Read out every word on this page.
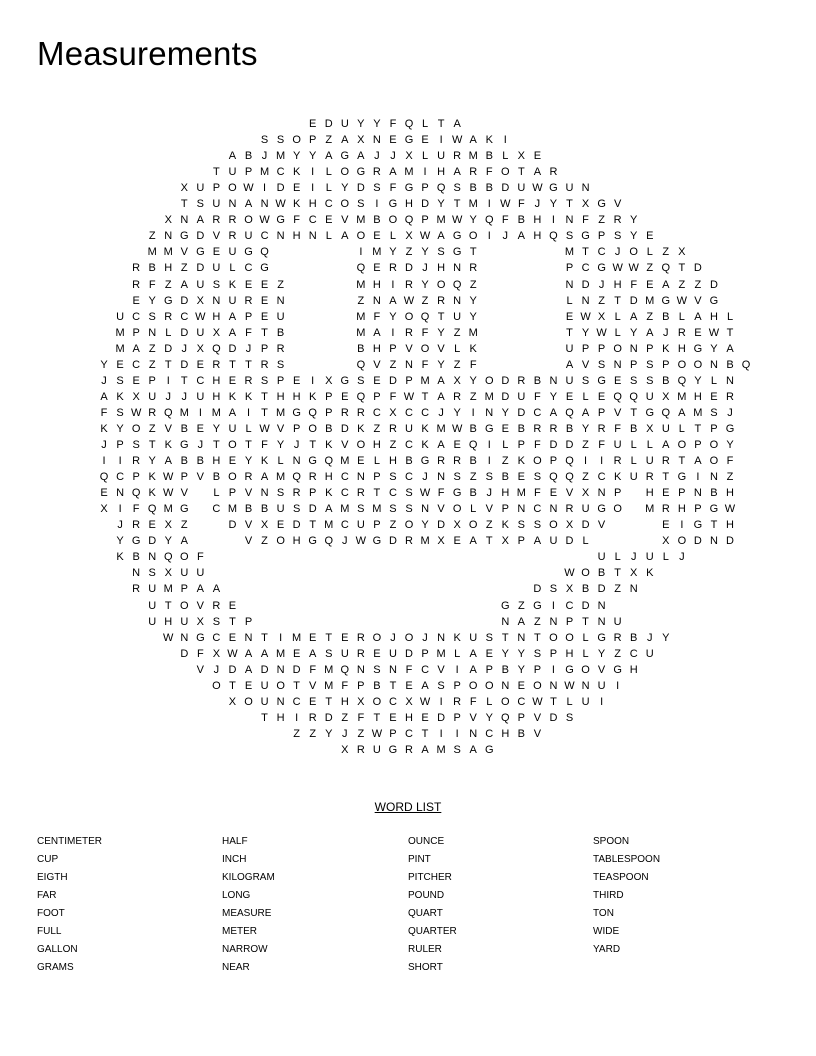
Measurements
E D U Y Y F Q L T A
S S O P Z A X N E G E I W A K I
A B J M Y Y A G A J J X L U R M B L X E
T U P M C K I	L O G R A M I H A R F O T A R
X U P O W I D E I	L Y D S F G P Q S B B D U W G U N
T S U N A N W K H C O S I G H D Y T M I W F J Y T X G V
X N A R R O W G F C E V M B O Q P M W Y Q F B H I N F Z R Y
Z N G D V R U C N H N L A O E L X W A G O I	J A H Q S G P S Y E
M M V G E U G Q	I M Y Z Y S G T	M T C J O L Z X
R B H Z D U L C G	Q E R D J H N R	P C G W W Z Q T D
R F Z A U S K E E Z	M H I R Y O Q Z	N D J H F E A Z Z D
E Y G D X N U R E N	Z N A W Z R N Y	L N Z T D M G W V G
U C S R C W H A P E U	M F Y O Q T U Y	E W X L A Z B L A H L
M P N L D U X A F T B	M A I R F Y Z M	T Y W L Y A J R E W T
M A Z D J X Q D J P R	B H P V O V L K	U P P O N P K H G Y A
Y E C Z T D E R T T R S	Q V Z N F Y Z F	A V S N P S P O O N B Q
J S E P I	T C H E R S P E I X G S E D P M A X Y O D R B N U S G E S S B Q Y L N
A K X U J J U H K K T H H K P E Q P F W T A R Z M D U F Y E L E Q Q U X M H E R
F S W R Q M I M A I	T M G Q P R R C X C C J Y I N Y D C A Q A P V T G Q A M S J
K Y O Z V B E Y U L W V P O B D K Z R U K M W B G E B R R B Y R F B X U L T P G
J P S T K G J T O T F Y J T K V O H Z C K A E Q I	L P F D D Z F U L L A O P O Y
I	I R Y A B B H E Y K L N G Q M E L H B G R R B I	Z K O P Q I	I R L U R T A O F
Q C P K W P V B O R A M Q R H C N P S C J N S Z S B E S Q Q Z C K U R T G I N Z
E N Q K W V	L P V N S R P K C R T C S W F G B J H M F E V X N P	H E P N B H
X I	F Q M G	C M B B U S D A M S M S S N V O L V P N C N R U G O	M R H P G W
J R E X Z	D V X E D T M C U P Z O Y D X O Z K S S O X D V	E I G T H
Y G D Y A	V Z O H G Q J W G D R M X E A T X P A U D L	X O D N D
K B N Q O F	U L J U L J
N S X U U	W O B T X K
R U M P A A	D S X B D Z N
U T O V R E	G Z G I C D N
U H U X S T P	N A Z N P T N U
W N G C E N T	I M E T E R O J O J N K U S T N T O O L G R B J Y
D F X W A A M E A S U R E U D P M L A E Y Y S P H L Y Z C U
V J D A D N D F M Q N S N F C V I A P B Y P I G O V G H
O T E U O T V M F P B T E A S P O O N E O N W N U I
X O U N C E T H X O C X W I R F L O C W T L U I
T H I R D Z F T E H E D P V Y Q P V D S
Z Z Y J Z W P C T	I	I N C H B V
X R U G R A M S A G
WORD LIST
CENTIMETER
CUP
EIGTH
FAR
FOOT
FULL
GALLON
GRAMS
HALF
INCH
KILOGRAM
LONG
MEASURE
METER
NARROW
NEAR
OUNCE
PINT
PITCHER
POUND
QUART
QUARTER
RULER
SHORT
SPOON
TABLESPOON
TEASPOON
THIRD
TON
WIDE
YARD
